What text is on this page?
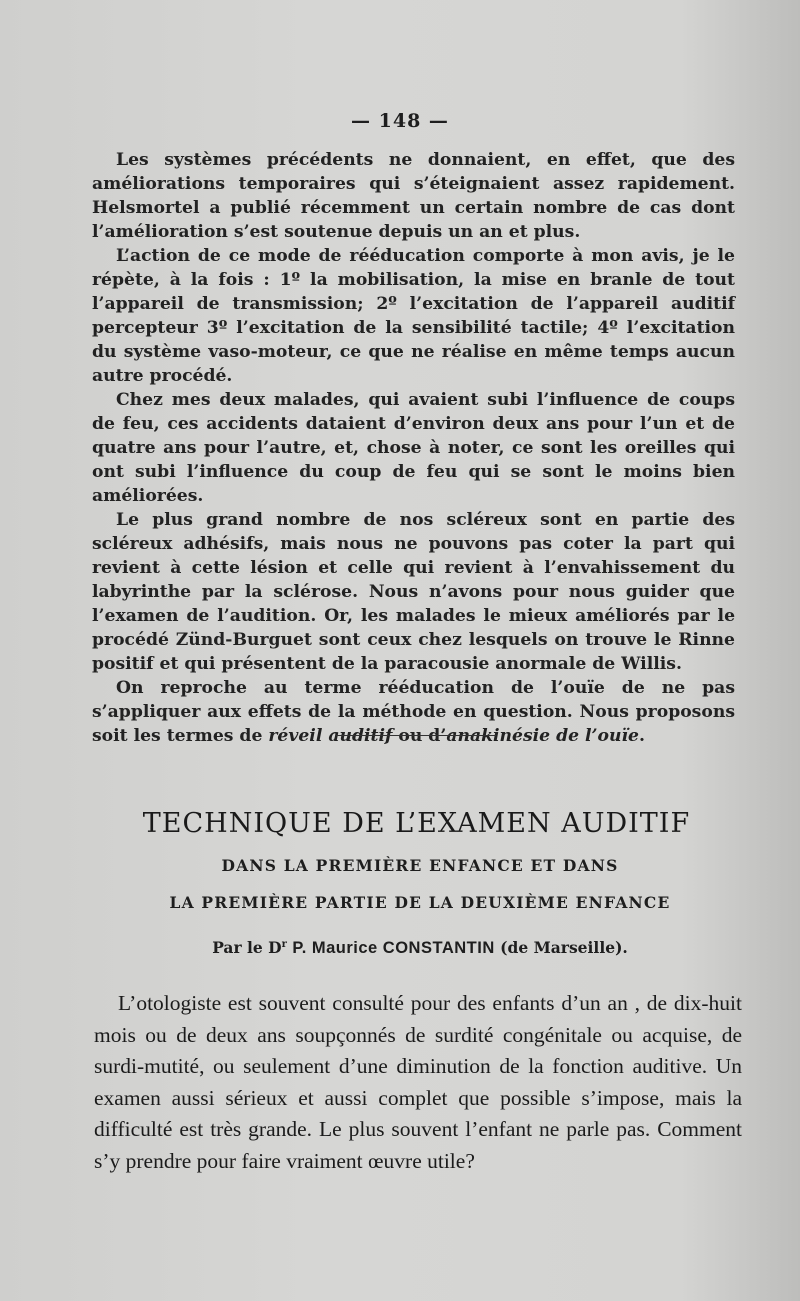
— 148 —

Les systèmes précédents ne donnaient, en effet, que des améliorations temporaires qui s’éteignaient assez rapidement. Helsmortel a publié récemment un certain nombre de cas dont l’amélioration s’est soutenue depuis un an et plus.

L’action de ce mode de rééducation comporte à mon avis, je le répète, à la fois : 1º la mobilisation, la mise en branle de tout l’appareil de transmission; 2º l’excitation de l’appareil auditif percepteur 3º l’excitation de la sensibilité tactile; 4º l’excitation du système vaso-moteur, ce que ne réalise en même temps aucun autre procédé.

Chez mes deux malades, qui avaient subi l’influence de coups de feu, ces accidents dataient d’environ deux ans pour l’un et de quatre ans pour l’autre, et, chose à noter, ce sont les oreilles qui ont subi l’influence du coup de feu qui se sont le moins bien améliorées.

Le plus grand nombre de nos scléreux sont en partie des scléreux adhésifs, mais nous ne pouvons pas coter la part qui revient à cette lésion et celle qui revient à l’envahissement du labyrinthe par la sclérose. Nous n’avons pour nous guider que l’examen de l’audition. Or, les malades le mieux améliorés par le procédé Zünd-Burguet sont ceux chez lesquels on trouve le Rinne positif et qui présentent de la paracousie anormale de Willis.

On reproche au terme rééducation de l’ouïe de ne pas s’appliquer aux effets de la méthode en question. Nous proposons soit les termes de réveil auditif ou d’anakinésie de l’ouïe.

TECHNIQUE DE L’EXAMEN AUDITIF
DANS LA PREMIÈRE ENFANCE ET DANS
LA PREMIÈRE PARTIE DE LA DEUXIÈME ENFANCE
Par le $D^r$ P. Maurice CONSTANTIN (de Marseille).

L’otologiste est souvent consulté pour des enfants d’un an , de dix-huit mois ou de deux ans soupçonnés de surdité congénitale ou acquise, de surdi-mutité, ou seulement d’une diminution de la fonction auditive. Un examen aussi sérieux et aussi complet que possible s’impose, mais la difficulté est très grande. Le plus souvent l’enfant ne parle pas. Comment s’y prendre pour faire vraiment œuvre utile?
